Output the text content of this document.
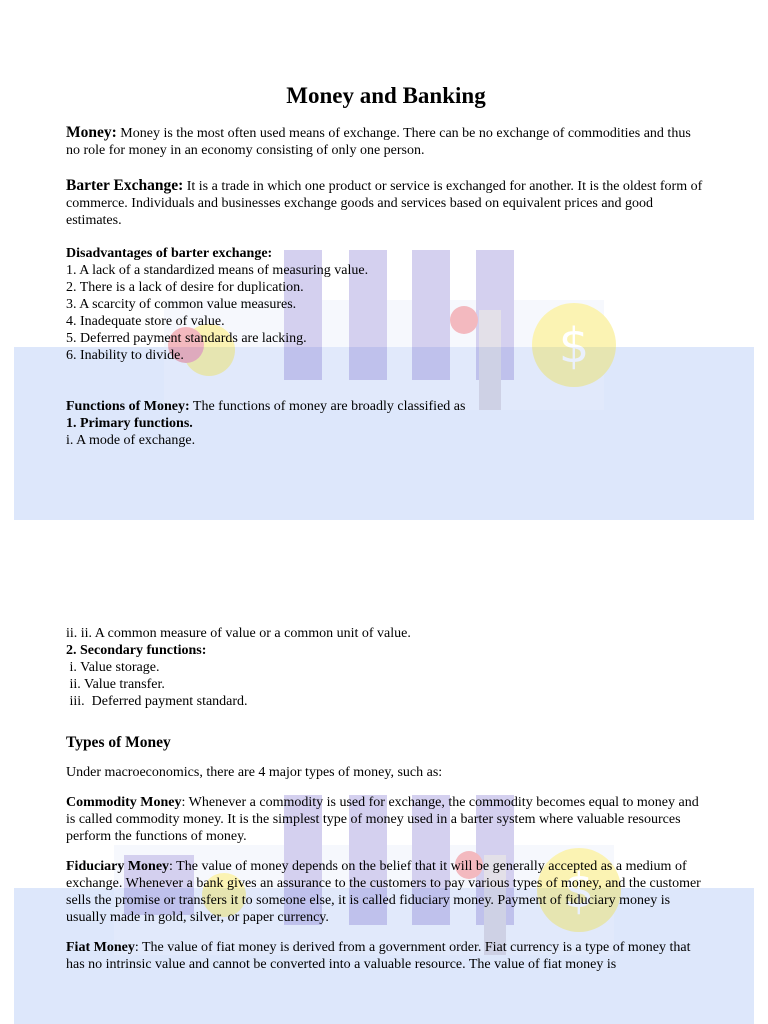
$

Money and Banking

Money: Money is the most often used means of exchange. There can be no exchange of commodities and thus no role for money in an economy consisting of only one person.

Barter Exchange: It is a trade in which one product or service is exchanged for another. It is the oldest form of commerce. Individuals and businesses exchange goods and services based on equivalent prices and good estimates.

Disadvantages of barter exchange:

1. A lack of a standardized means of measuring value.

2. There is a lack of desire for duplication.

3. A scarcity of common value measures.

4. Inadequate store of value.

5. Deferred payment standards are lacking.

6. Inability to divide.

Functions of Money: The functions of money are broadly classified as

1. Primary functions.

i. A mode of exchange.

$

ii. ii. A common measure of value or a common unit of value.

2. Secondary functions:

i. Value storage.

ii. Value transfer.

iii.  Deferred payment standard.

Types of Money

Under macroeconomics, there are 4 major types of money, such as:

Commodity Money: Whenever a commodity is used for exchange, the commodity becomes equal to money and is called commodity money. It is the simplest type of money used in a barter system where valuable resources perform the functions of money.

Fiduciary Money: The value of money depends on the belief that it will be generally accepted as a medium of exchange. Whenever a bank gives an assurance to the customers to pay various types of money, and the customer sells the promise or transfers it to someone else, it is called fiduciary money. Payment of fiduciary money is usually made in gold, silver, or paper currency.

Fiat Money: The value of fiat money is derived from a government order. Fiat currency is a type of money that has no intrinsic value and cannot be converted into a valuable resource. The value of fiat money is
